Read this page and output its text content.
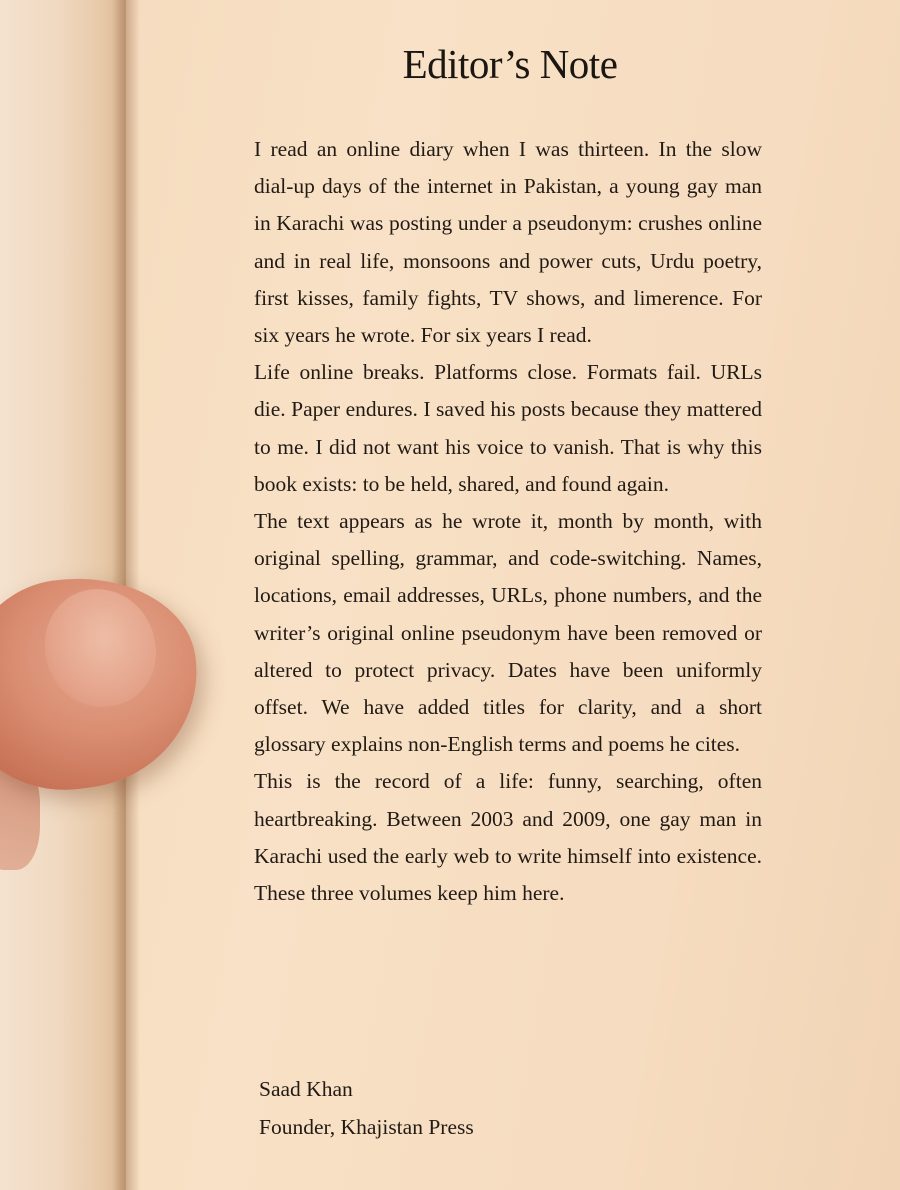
Editor’s Note

I read an online diary when I was thirteen. In the slow dial-up days of the internet in Pakistan, a young gay man in Karachi was posting under a pseudonym: crushes online and in real life, monsoons and power cuts, Urdu poetry, first kisses, family fights, TV shows, and limerence. For six years he wrote. For six years I read.

Life online breaks. Platforms close. Formats fail. URLs die. Paper endures. I saved his posts because they mattered to me. I did not want his voice to vanish. That is why this book exists: to be held, shared, and found again.

The text appears as he wrote it, month by month, with original spelling, grammar, and code-switching. Names, locations, email addresses, URLs, phone numbers, and the writer’s original online pseudonym have been removed or altered to protect privacy. Dates have been uniformly offset. We have added titles for clarity, and a short glossary explains non-English terms and poems he cites.

This is the record of a life: funny, searching, often heartbreaking. Between 2003 and 2009, one gay man in Karachi used the early web to write himself into existence. These three volumes keep him here.

Saad Khan
Founder, Khajistan Press
